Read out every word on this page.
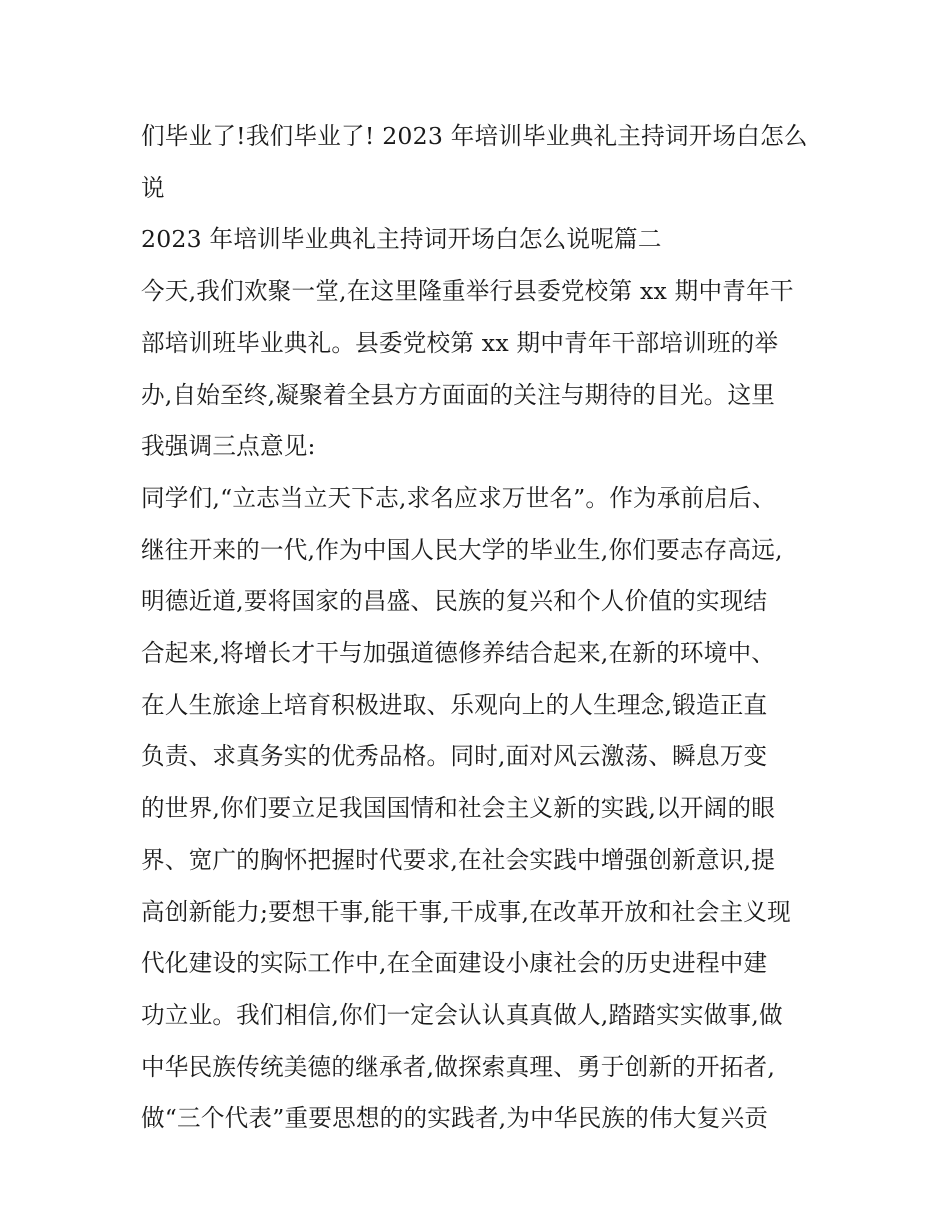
们毕业了!我们毕业了! 2023 年培训毕业典礼主持词开场白怎么

说

2023 年培训毕业典礼主持词开场白怎么说呢篇二

今天,我们欢聚一堂,在这里隆重举行县委党校第 xx 期中青年干

部培训班毕业典礼。县委党校第 xx 期中青年干部培训班的举

办,自始至终,凝聚着全县方方面面的关注与期待的目光。这里

我强调三点意见:

同学们,“立志当立天下志,求名应求万世名”。作为承前启后、

继往开来的一代,作为中国人民大学的毕业生,你们要志存高远,

明德近道,要将国家的昌盛、民族的复兴和个人价值的实现结

合起来,将增长才干与加强道德修养结合起来,在新的环境中、

在人生旅途上培育积极进取、乐观向上的人生理念,锻造正直

负责、求真务实的优秀品格。同时,面对风云激荡、瞬息万变

的世界,你们要立足我国国情和社会主义新的实践,以开阔的眼

界、宽广的胸怀把握时代要求,在社会实践中增强创新意识,提

高创新能力;要想干事,能干事,干成事,在改革开放和社会主义现

代化建设的实际工作中,在全面建设小康社会的历史进程中建

功立业。我们相信,你们一定会认认真真做人,踏踏实实做事,做

中华民族传统美德的继承者,做探索真理、勇于创新的开拓者,

做“三个代表”重要思想的的实践者,为中华民族的伟大复兴贡
